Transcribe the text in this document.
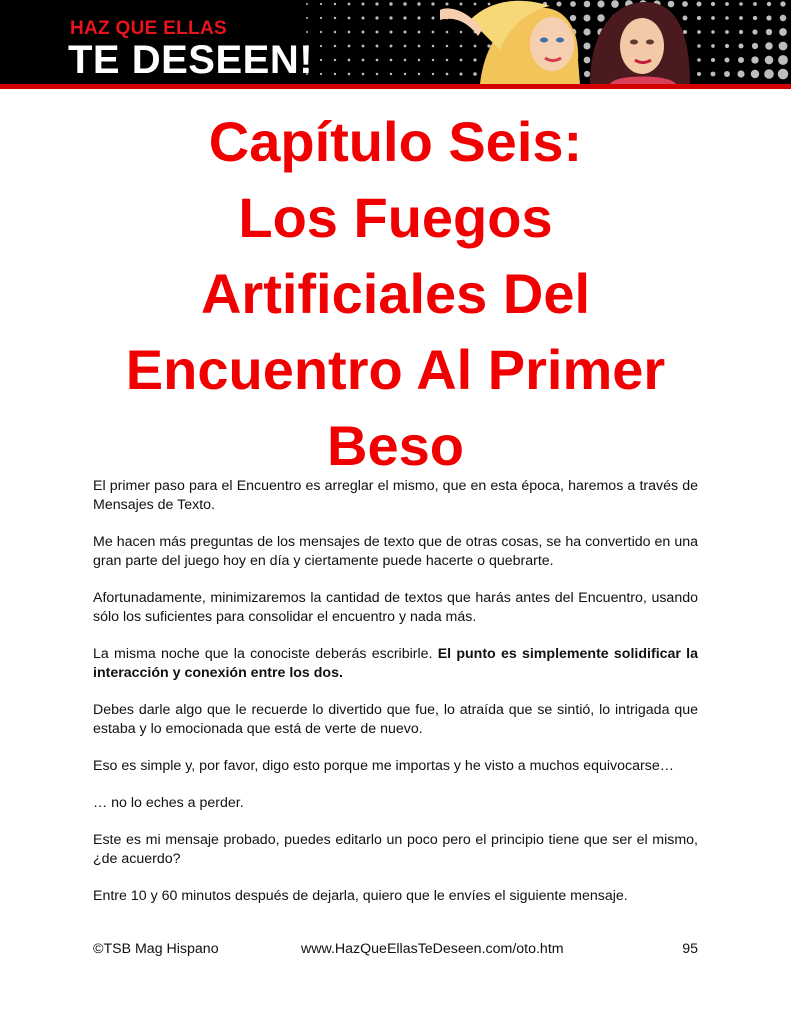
HAZ QUE ELLAS
TE DESEEN!
Capítulo Seis:
Los Fuegos
Artificiales Del
Encuentro Al Primer
Beso

El primer paso para el Encuentro es arreglar el mismo, que en esta época, haremos a través de Mensajes de Texto.

Me hacen más preguntas de los mensajes de texto que de otras cosas, se ha convertido en una gran parte del juego hoy en día y ciertamente puede hacerte o quebrarte.

Afortunadamente, minimizaremos la cantidad de textos que harás antes del Encuentro, usando sólo los suficientes para consolidar el encuentro y nada más.

La misma noche que la conociste deberás escribirle. El punto es simplemente solidificar la interacción y conexión entre los dos.

Debes darle algo que le recuerde lo divertido que fue, lo atraída que se sintió, lo intrigada que estaba y lo emocionada que está de verte de nuevo.

Eso es simple y, por favor, digo esto porque me importas y he visto a muchos equivocarse…

… no lo eches a perder.

Este es mi mensaje probado, puedes editarlo un poco pero el principio tiene que ser el mismo, ¿de acuerdo?

Entre 10 y 60 minutos después de dejarla, quiero que le envíes el siguiente mensaje.

©TSB Mag Hispano	www.HazQueEllasTeDeseen.com/oto.htm	95
